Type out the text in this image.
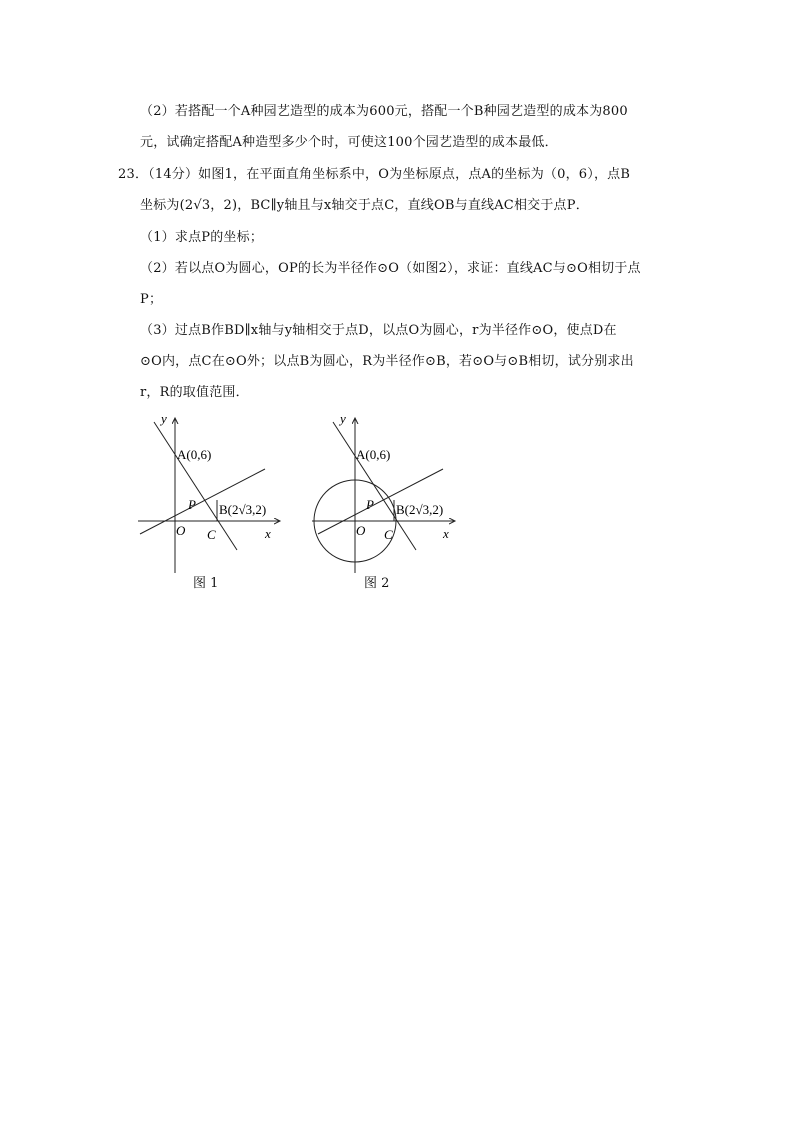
（2）若搭配一个A种园艺造型的成本为600元，搭配一个B种园艺造型的成本为800
元，试确定搭配A种造型多少个时，可使这100个园艺造型的成本最低．
23．（14分）如图1，在平面直角坐标系中，O为坐标原点，点A的坐标为（0，6），点B
坐标为(2√3，2)，BC∥y轴且与x轴交于点C，直线OB与直线AC相交于点P．
（1）求点P的坐标；
（2）若以点O为圆心，OP的长为半径作⊙O（如图2），求证：直线AC与⊙O相切于点
P；
（3）过点B作BD∥x轴与y轴相交于点D，以点O为圆心，r为半径作⊙O，使点D在
⊙O内，点C在⊙O外；以点B为圆心，R为半径作⊙B，若⊙O与⊙B相切，试分别求出
r，R的取值范围．
y
A(0,6)
P B(2√3,2)
O C	x
图 1
y
A(0,6)
P B(2√3,2)
O C	x
图 2
